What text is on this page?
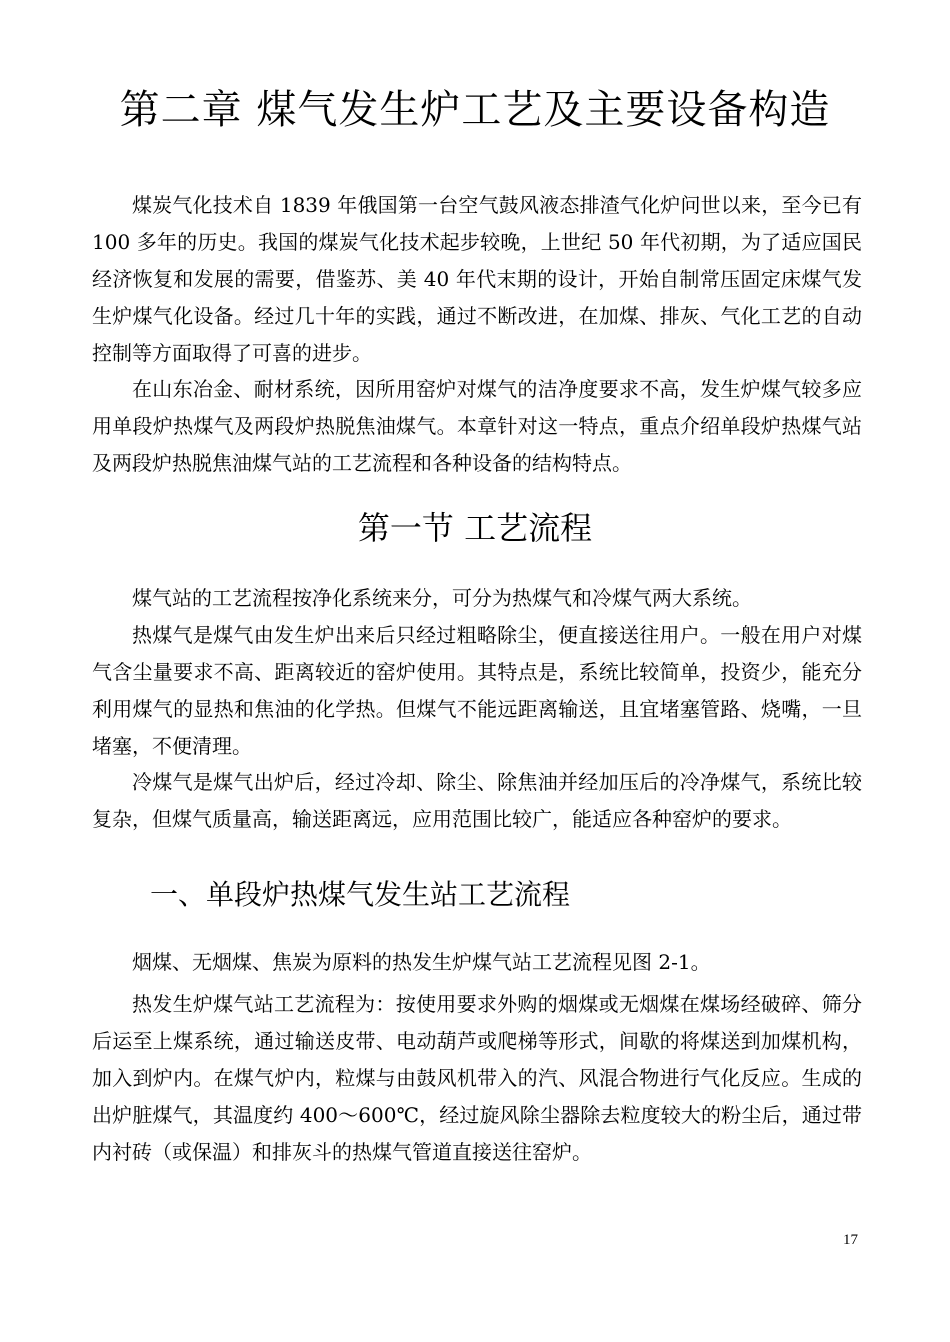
第二章 煤气发生炉工艺及主要设备构造

煤炭气化技术自 1839 年俄国第一台空气鼓风液态排渣气化炉问世以来，至今已有 100 多年的历史。我国的煤炭气化技术起步较晚，上世纪 50 年代初期，为了适应国民经济恢复和发展的需要，借鉴苏、美 40 年代末期的设计，开始自制常压固定床煤气发生炉煤气化设备。经过几十年的实践，通过不断改进，在加煤、排灰、气化工艺的自动控制等方面取得了可喜的进步。

在山东冶金、耐材系统，因所用窑炉对煤气的洁净度要求不高，发生炉煤气较多应用单段炉热煤气及两段炉热脱焦油煤气。本章针对这一特点，重点介绍单段炉热煤气站及两段炉热脱焦油煤气站的工艺流程和各种设备的结构特点。

第一节 工艺流程

煤气站的工艺流程按净化系统来分，可分为热煤气和冷煤气两大系统。

热煤气是煤气由发生炉出来后只经过粗略除尘，便直接送往用户。一般在用户对煤气含尘量要求不高、距离较近的窑炉使用。其特点是，系统比较简单，投资少，能充分利用煤气的显热和焦油的化学热。但煤气不能远距离输送，且宜堵塞管路、烧嘴，一旦堵塞，不便清理。

冷煤气是煤气出炉后，经过冷却、除尘、除焦油并经加压后的冷净煤气，系统比较复杂，但煤气质量高，输送距离远，应用范围比较广，能适应各种窑炉的要求。

一、单段炉热煤气发生站工艺流程

烟煤、无烟煤、焦炭为原料的热发生炉煤气站工艺流程见图 2-1。

热发生炉煤气站工艺流程为：按使用要求外购的烟煤或无烟煤在煤场经破碎、筛分后运至上煤系统，通过输送皮带、电动葫芦或爬梯等形式，间歇的将煤送到加煤机构，加入到炉内。在煤气炉内，粒煤与由鼓风机带入的汽、风混合物进行气化反应。生成的出炉脏煤气，其温度约 400～600℃，经过旋风除尘器除去粒度较大的粉尘后，通过带内衬砖（或保温）和排灰斗的热煤气管道直接送往窑炉。

17
